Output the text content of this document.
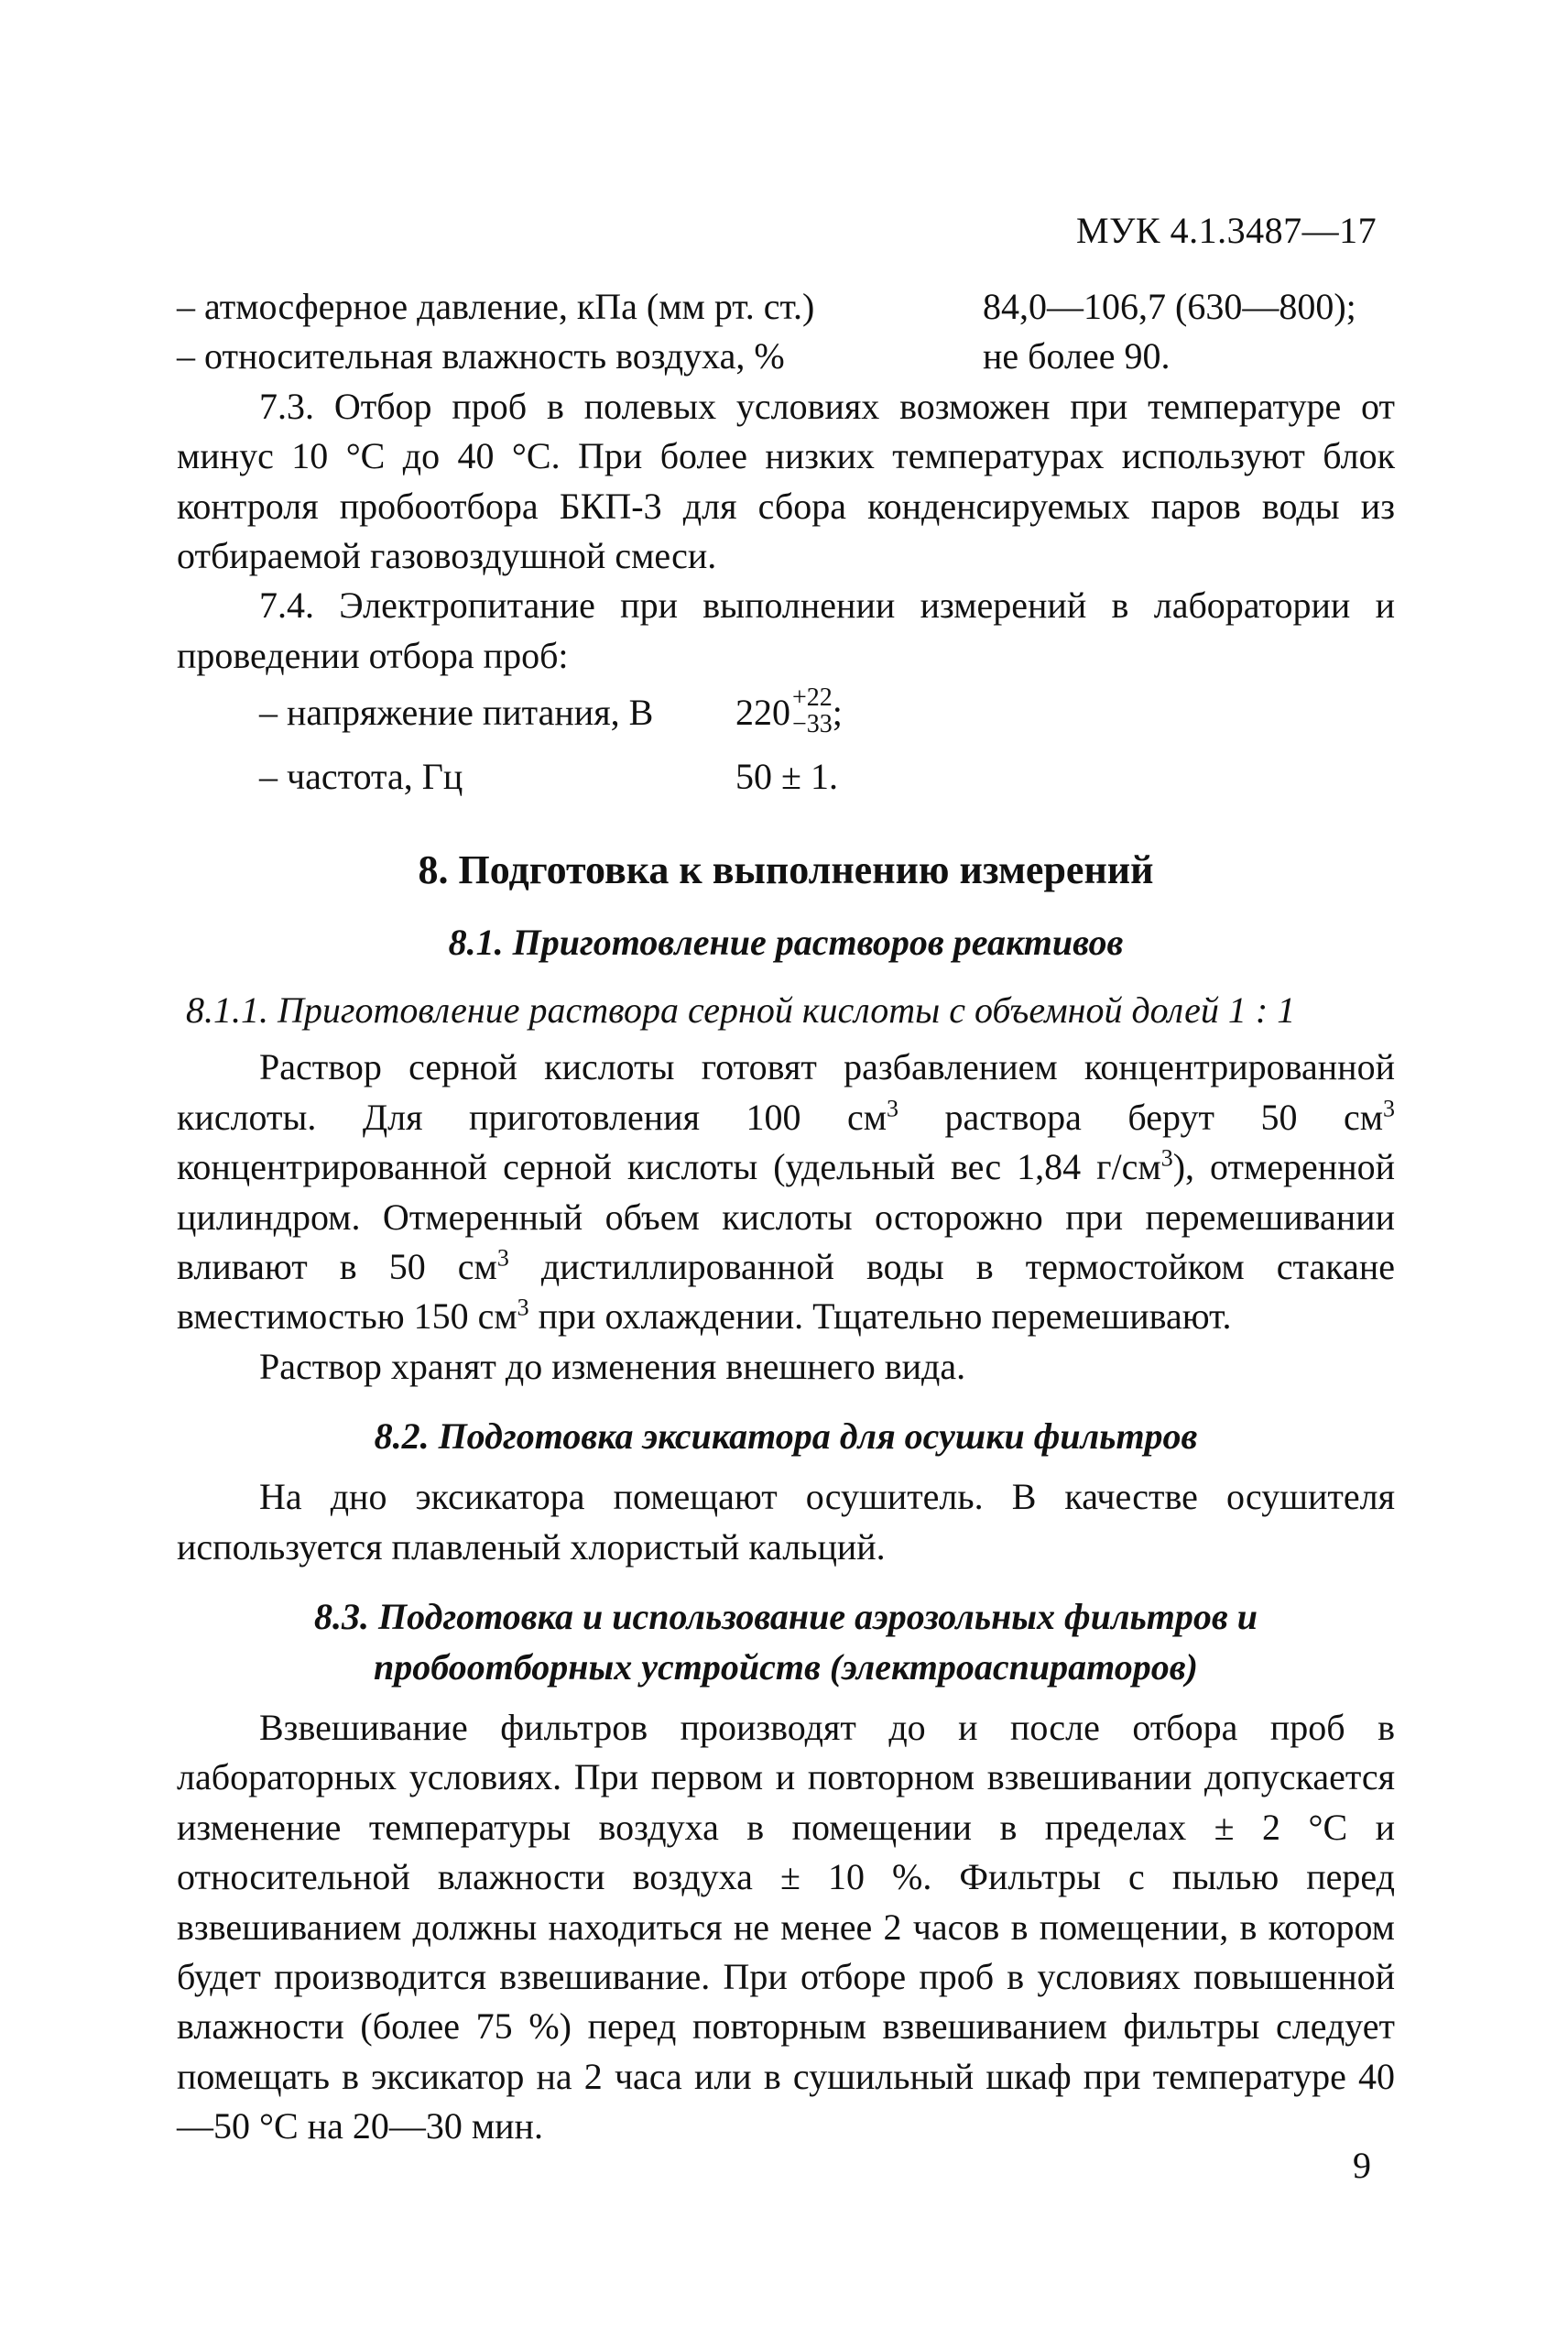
МУК 4.1.3487—17
– атмосферное давление, кПа (мм рт. ст.)	84,0—106,7 (630—800);
– относительная влажность воздуха, %	не более 90.

7.3. Отбор проб в полевых условиях возможен при температуре от минус 10 °С до 40 °С. При более низких температурах используют блок контроля пробоотбора БКП-3 для сбора конденсируемых паров воды из отбираемой газовоздушной смеси.

7.4. Электропитание при выполнении измерений в лаборатории и проведении отбора проб:

– напряжение питания, В	220 +22
−33 ;
– частота, Гц	50 ± 1.
8. Подготовка к выполнению измерений
8.1. Приготовление растворов реактивов
8.1.1. Приготовление раствора серной кислоты с объемной долей 1 : 1

Раствор серной кислоты готовят разбавлением концентрированной кислоты. Для приготовления 100 $см^3$ раствора берут 50 $см^3$ концентрированной серной кислоты (удельный вес 1,84 $г/см^3$), отмеренной цилиндром. Отмеренный объем кислоты осторожно при перемешивании вливают в 50 $см^3$ дистиллированной воды в термостойком стакане вместимостью 150 $см^3$ при охлаждении. Тщательно перемешивают.

Раствор хранят до изменения внешнего вида.

8.2. Подготовка эксикатора для осушки фильтров

На дно эксикатора помещают осушитель. В качестве осушителя используется плавленый хлористый кальций.

8.3. Подготовка и использование аэрозольных фильтров и пробоотборных устройств (электроаспираторов)

Взвешивание фильтров производят до и после отбора проб в лабораторных условиях. При первом и повторном взвешивании допускается изменение температуры воздуха в помещении в пределах ± 2 °С и относительной влажности воздуха ± 10 %. Фильтры с пылью перед взвешиванием должны находиться не менее 2 часов в помещении, в котором будет производится взвешивание. При отборе проб в условиях повышенной влажности (более 75 %) перед повторным взвешиванием фильтры следует помещать в эксикатор на 2 часа или в сушильный шкаф при температуре 40—50 °С на 20—30 мин.

9
